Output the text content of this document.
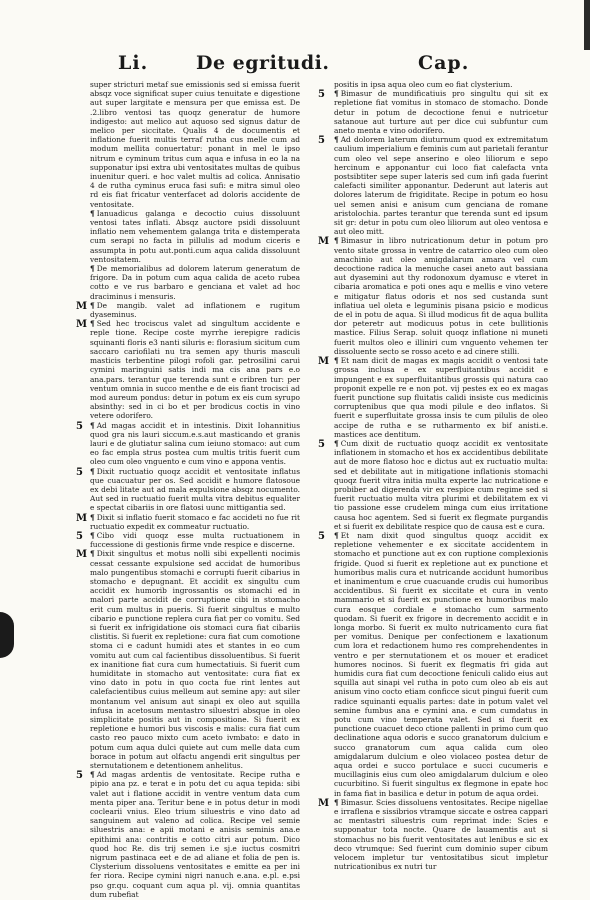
Li.	De egritudi.	Cap.

super stricturi metaf sue emissionis sed si emissa fuerit absqz voce significat super cuius tenuitate e digestione aut super largitate e mensura per que emissa est. De .2.libro ventosi tas quoqz generatur de humore indigesto: aut melico aut aquoso sed signus datur de melico per siccitate. Qualis 4 de documentis et inflatione fuerit multis terraf rutha cus melle cum ad modum mellita conuertatur: ponant in mel le ipso nitrum e cyminum tritus cum aqua e infusa in eo la na supponatur ipsi extra ubi ventositates multas de quibus inuenitur queri. e hoc valet multis ad colica. Annisatio 4 de rutha cyminus eruca fasi sufi: e mitra simul oleo rd eis fiat fricatur venterfacet ad doloris accidente de ventositate.

¶ Ianuadicus galanga e decoctio cuius dissoluunt ventosi tates inflati. Absqz auctore psidi dissoluunt inflatio nem vehementem galanga trita e distemperata cum serapi no facta in pillulis ad modum ciceris e assumpta in potu aut.ponti.cum aqua calida dissoluunt ventositatem.

¶ De memorialibus ad dolorem laterum generatum de frigore. Da in potum cum aqua calida de aceto rubea cotto e ve rus barbaro e genciana et valet ad hoc draciminus i mensuris.

¶ De mangib. valet ad inflationem e rugitum dyaseminus.

¶ Sed hec trociscus valet ad singultum accidente e reple tione. Recipe coste myrrhe ierepigre radicis squinanti floris e3 nanti siluris e: florasium sicitum cum saccaro cariofilati nu tra semen apy thuris masculi masticis terbentine pilogi rofoli gar. petrosilini carui cymini maringuini satis indi ma cis ana pars e.o ana.pars. terantur que terenda sunt e cribren tur: per ventum omnia in succo menthe e de eis fiant trocisci ad mod aureum pondus: detur in potum ex eis cum syrupo absinthy: sed in ci bo et per brodicus coctis in vino vetere odorifero.

¶ Ad magas accidit et in intestinis. Dixit Iohannitius quod gra nis lauri siccum.e.s.aut masticando et granis lauri e de glutiatur salina cum ieiuno stomaco: aut cum eo fac empla strus postea cum multis tritis fuerit cum oleo cum oleo vnguento e cum vino e appona ventis.

¶ Dixit ructuatio quoqz accidit et ventositate inflatus que cuacuatur per os. Sed accidit e humore flatosoue ex debi litate aut ad mala expulsione absqz nocumento. Aut sed in ructuatio fuerit multa vitra debitus equaliter e spectat cibariis in ore flatosi uunc mittigantia sed.

¶ Dixit si inflatio fuerit stomaco e fac accideti no fue rit ructuatio expedit ex commeatur ructuatio.

¶ Cibo vidi quoqz esse multa ructuationem in fuccessione di gestionis firme vnde respice e discerne.

¶ Dixit singultus et motus nolli sibi expellenti nocimis cessat cessante expulsione sed accidat de humoribus malo pungentibus stomachi e corrupti fuerit cibarius in stomacho e depugnant. Et accidit ex singultu cum accidit ex humorib ingrossantis os stomachi ed in malori parte accidit de corruptione cibi in stomacho erit cum multus in pueris. Si fuerit singultus e multo cibario e punctione replera cura fiat per co vomitu. Sed si fuerit ex infrigidatione ois stomaci cura fiat cibariis clistitis. Si fuerit ex repletione: cura fiat cum comotione stoma ci e cadunt humidi ates et stantes in eo cum vomitu aut cum cal facientibus dissoluentibus. Si fuerit ex inanitione fiat cura cum humectatiuis. Si fuerit cum humiditate in stomacho aut ventositate: cura fiat ex vino dato in potu in quo cocta fue rint lentes aut calefacientibus cuius melleum aut semine apy: aut siler montanum vel anisum aut sinapi ex oleo aut squilla infusa in acetosum mentastro siluestri absque in oleo simplicitate positis aut in compositione. Si fuerit ex repletione e humori bus viscosis e malis: cura fiat cum casto reo pauco mixto cum aceto ivmbato: e dato in potum cum aqua dulci quiete aut cum melle data cum borace in potum aut olfactu angendi erit singultus per sternutationem e detentionem anhelitus.

¶ Ad magas ardentis de ventositate. Recipe rutha e pipio ana pz. e terat e in potu det cu aqua tepida: sibi valet aut i flatione accidit in ventre ventum data cum menta piper ana. Teritur bene e in potus detur in modi coclearii vnius. Eleo trium siluestris e vino dato ad sanguinem aut valeno ad colica. Recipe vel semie siluestris ana: e apii motani e anisis seminis ana.e epithimi ana: contritis e cotto citri aur potum. Dico quod hoc Re. dis trij semen i.e sj.e iuctus cosmitri nigrum pastinaca eet e de ad aliane et folia de pen is. Clysterium dissoluens ventositates e emitte ea per ini fer riora. Recipe cymini nigri nanuch e.ana. e.pl. e.psi pso gr.qu. coquant cum aqua pl. vij. omnia quantitas dum rubefiat

positis in ipsa aqua oleo cum eo fiat clysterium.

¶ Bimasur de mundificatiuis pro singultu qui sit ex repletione fiat vomitus in stomaco de stomacho. Donde detur in potum de decoctione fenui e nutricetur satanoue aut turture aut per dice cui subfuntur cum aneto menta e vino odorifero.

¶ Ad dolorem laterum diuturnum quod ex extremitatum caulium imperialium e feminis cum aut parietali ferantur cum oleo vel sepe anserino e oleo liliorum e sepo hercinum e apponantur cui loco fiat calefacta vnta postsibtiter sepe super lateris sed cum infi gada fuerint calefacti similiter apponantur. Dederunt aut lateris aut dolores laterum de frigiditate. Recipe in potum eo hosu uel semen anisi e anisum cum genciana de romane aristolochia. partes terantur que terenda sunt ed ipsum sit gr: detur in potu cum oleo liliorum aut oleo ventosa e aut oleo mitt.

¶ Bimasur in libro nutricationum detur in potum pro vento sitate grossa in ventre de catarrico oleo cum oleo amachinio aut oleo amigdalarum amara vel cum decoctione radica la menuche casei aneto aut bassiana aut dyasemini aut thy rodonoxum dyamusc e vteret in cibaria aromatica e poti ones aqu e mellis e vino vetere e mitigatur flatus odoris et nos sed custanda sunt inflatiua uel oleta e leguminis pisana psicio e modicus de el in potu de aqua. Si illud modicus fit de aqua bullita dor peteretr aut modicuus potus in cete bullitionis mastice. Filius Serap. soluit quoqz inflatione ni muneti fuerit multos oleo e illiniri cum vnguento vehemen ter dissoluente secto se rosso aceto e ad cinere stilli.

¶ Et nam dicit de magas ex magis accidit o ventosi tate grossa inclusa e ex superfluitantibus accidit e impungent e ex superfluitantibus grossis qui natura cao proponit expelle re e non pot. vij pestes ex eo ex magas fuerit punctione sup fluitatis calidi insiste cus medicinis corruptenibus que qua modi pilule e deo inflatos. Si fuerit e superfluitate grossa insis te cum pilulis de oleo accipe de rutha e se rutharmento ex bif anisti.e. mastices ace dentitum.

¶ Cum dixit de ructuatio quoqz accidit ex ventositate inflationem in stomacho et hos ex accidentibus debilitate aut de more flatoso hoc e dictus aut ex ructuatio multa: sed et debilitate aut in mitigatione inflationis stomachi quoqz fuerit vitra initia multa experte lac nutricatione e probiber ad digerenda vir ex respice cum regime sed si fuerit ructuatio multa vitra plurimi et debilitatem ex vi tio passione esse crudelem minga cum eius irritatione causa hoc agentem. Sed si fuerit ex flegmate purgandis et si fuerit ex debilitate respice quo de causa est e cura.

¶ Et nam dixit quod singultus quoqz accidit ex repletione vehementer e ex siccitate accidentem in stomacho et punctione aut ex con ruptione complexionis frigide. Quod si fuerit ex repletione aut ex punctione et humoribus malis cura et nutricande accidunt humoribus et inanimentum e crue cuacuande crudis cui humoribus accidentibus. Si fuerit ex siccitate et cura in vento mammario et si fuerit ex punctione ex humoribus malo cura eosque cordiale e stomacho cum sarmento quodam. Si fuerit ex frigore in decremento accidit e in longa morbo. Si fuerit ex multo nutricamento cura fiat per vomitus. Denique per confectionem e laxationum cum lora et redactionem humo res comprehendentes in ventro e per sternutationem et os mouer et eradicet humores nocinos. Si fuerit ex flegmatis fri gida aut humidis cura fiat cum decoctione feniculi calido eius aut squilla aut sinapi vel rutha in poto cum oleo ab eis aut anisum vino cocto etiam conficce sicut pingui fuerit cum radice squinanti equalis partes: date in potum valet vel semine fumbus ana e cymini ana. e cum cumdatus in potu cum vino temperata valet. Sed si fuerit ex punctione cuacuet deco ctione pallenti in primo cum quo declinatione aqua odoris e succo granatorum dulcium e succo granatorum cum aqua calida cum oleo amigdalarum dulcium e oleo violaceo postea detur de aqua ordei e succo portulace e succi cucumeris e mucillaginis eius cum oleo amigdalarum dulcium e oleo cucurbitino. Si fuerit singultus ex flegmone in epate hoc in fama fiat in basilica e detur in potum de aqua ordei.

¶ Bimasur. Scies dissoluens ventositates. Recipe nigellae e irraflena e sissibrios vtramque siccate e ostrea cappari ac mentastri siluestris cum reprimat inde: Scies e supponatur tota nocte. Quare de lauamentis aut si stomachus no bis fuerit ventositates aut lenibus e sic ex deco vtrumque: Sed fuerint cum dominio super cibum velocem impletur tur ventositatibus sicut impletur nutricationibus ex nutri tur

M
M
5
5
M
5
M
5
5
5
M
M
5
5
M
